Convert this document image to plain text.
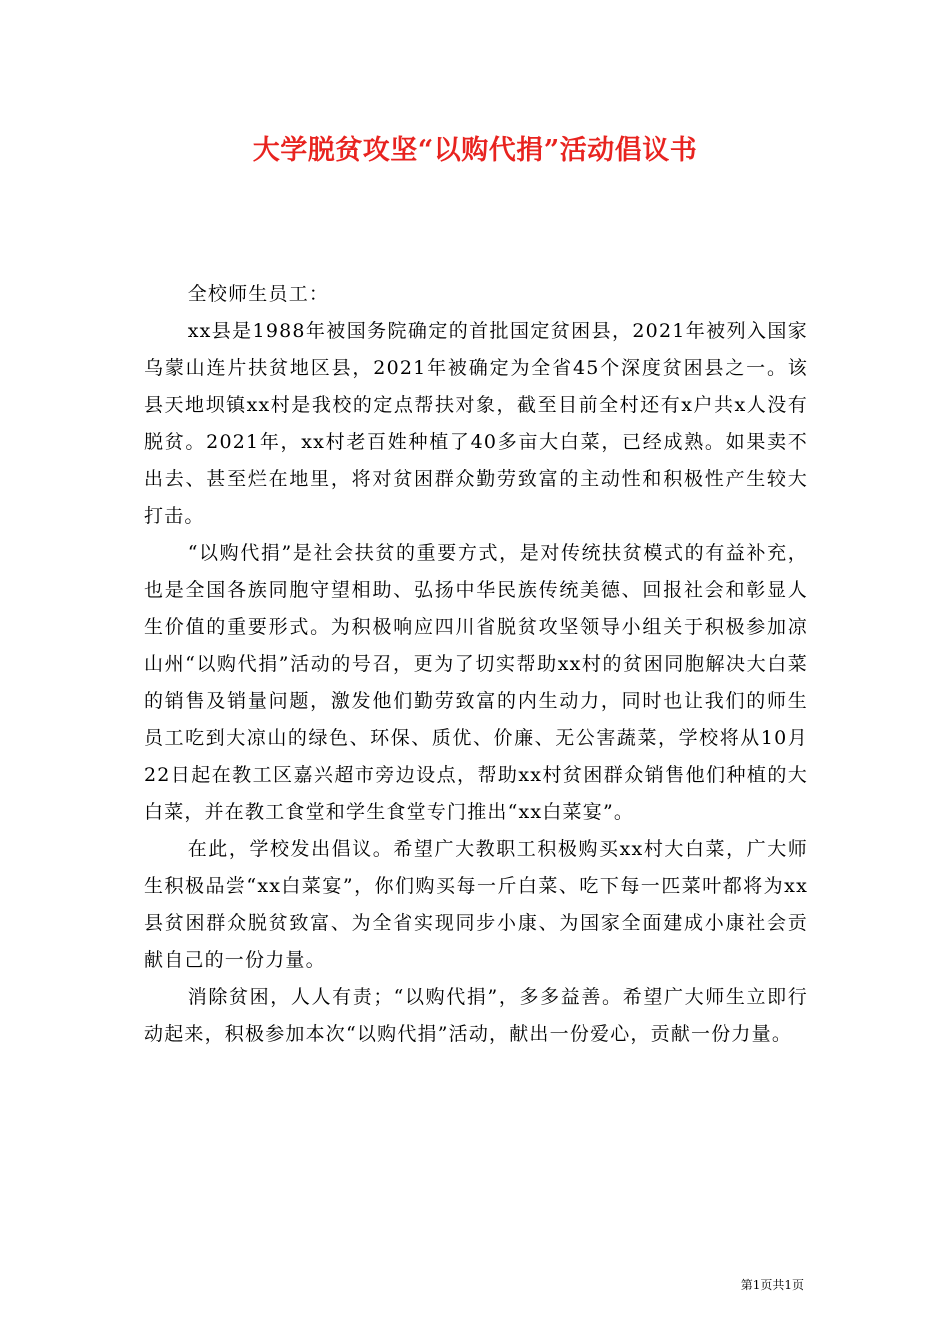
大学脱贫攻坚“以购代捐”活动倡议书

全校师生员工：

xx县是1988年被国务院确定的首批国定贫困县，2021年被列入国家乌蒙山连片扶贫地区县，2021年被确定为全省45个深度贫困县之一。该县天地坝镇xx村是我校的定点帮扶对象，截至目前全村还有x户共x人没有脱贫。2021年，xx村老百姓种植了40多亩大白菜，已经成熟。如果卖不出去、甚至烂在地里，将对贫困群众勤劳致富的主动性和积极性产生较大打击。

“以购代捐”是社会扶贫的重要方式，是对传统扶贫模式的有益补充，也是全国各族同胞守望相助、弘扬中华民族传统美德、回报社会和彰显人生价值的重要形式。为积极响应四川省脱贫攻坚领导小组关于积极参加凉山州“以购代捐”活动的号召，更为了切实帮助xx村的贫困同胞解决大白菜的销售及销量问题，激发他们勤劳致富的内生动力，同时也让我们的师生员工吃到大凉山的绿色、环保、质优、价廉、无公害蔬菜，学校将从10月22日起在教工区嘉兴超市旁边设点，帮助xx村贫困群众销售他们种植的大白菜，并在教工食堂和学生食堂专门推出“xx白菜宴”。

在此，学校发出倡议。希望广大教职工积极购买xx村大白菜，广大师生积极品尝“xx白菜宴”，你们购买每一斤白菜、吃下每一匹菜叶都将为xx县贫困群众脱贫致富、为全省实现同步小康、为国家全面建成小康社会贡献自己的一份力量。

消除贫困，人人有责；“以购代捐”，多多益善。希望广大师生立即行动起来，积极参加本次“以购代捐”活动，献出一份爱心，贡献一份力量。

第1页共1页
